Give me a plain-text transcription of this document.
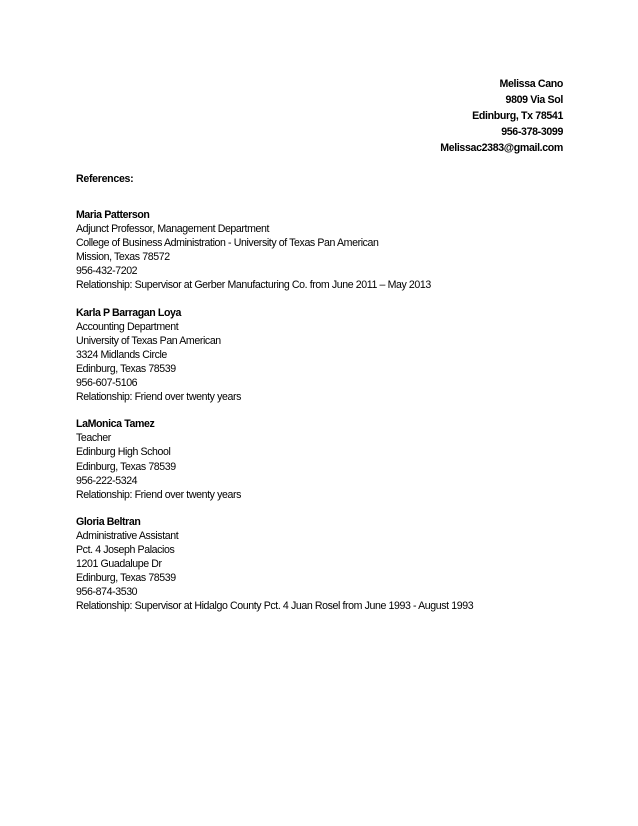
Melissa Cano
9809 Via Sol
Edinburg, Tx 78541
956-378-3099
Melissac2383@gmail.com
References:
Maria Patterson
Adjunct Professor, Management Department
College of Business Administration - University of Texas Pan American
Mission, Texas 78572
956-432-7202
Relationship: Supervisor at Gerber Manufacturing Co. from June 2011 – May 2013
Karla P Barragan Loya
Accounting Department
University of Texas Pan American
3324 Midlands Circle
Edinburg, Texas 78539
956-607-5106
Relationship: Friend over twenty years
LaMonica Tamez
Teacher
Edinburg High School
Edinburg, Texas 78539
956-222-5324
Relationship: Friend over twenty years
Gloria Beltran
Administrative Assistant
Pct. 4 Joseph Palacios
1201 Guadalupe Dr
Edinburg, Texas 78539
956-874-3530
Relationship: Supervisor at Hidalgo County Pct. 4 Juan Rosel from June 1993 - August 1993
